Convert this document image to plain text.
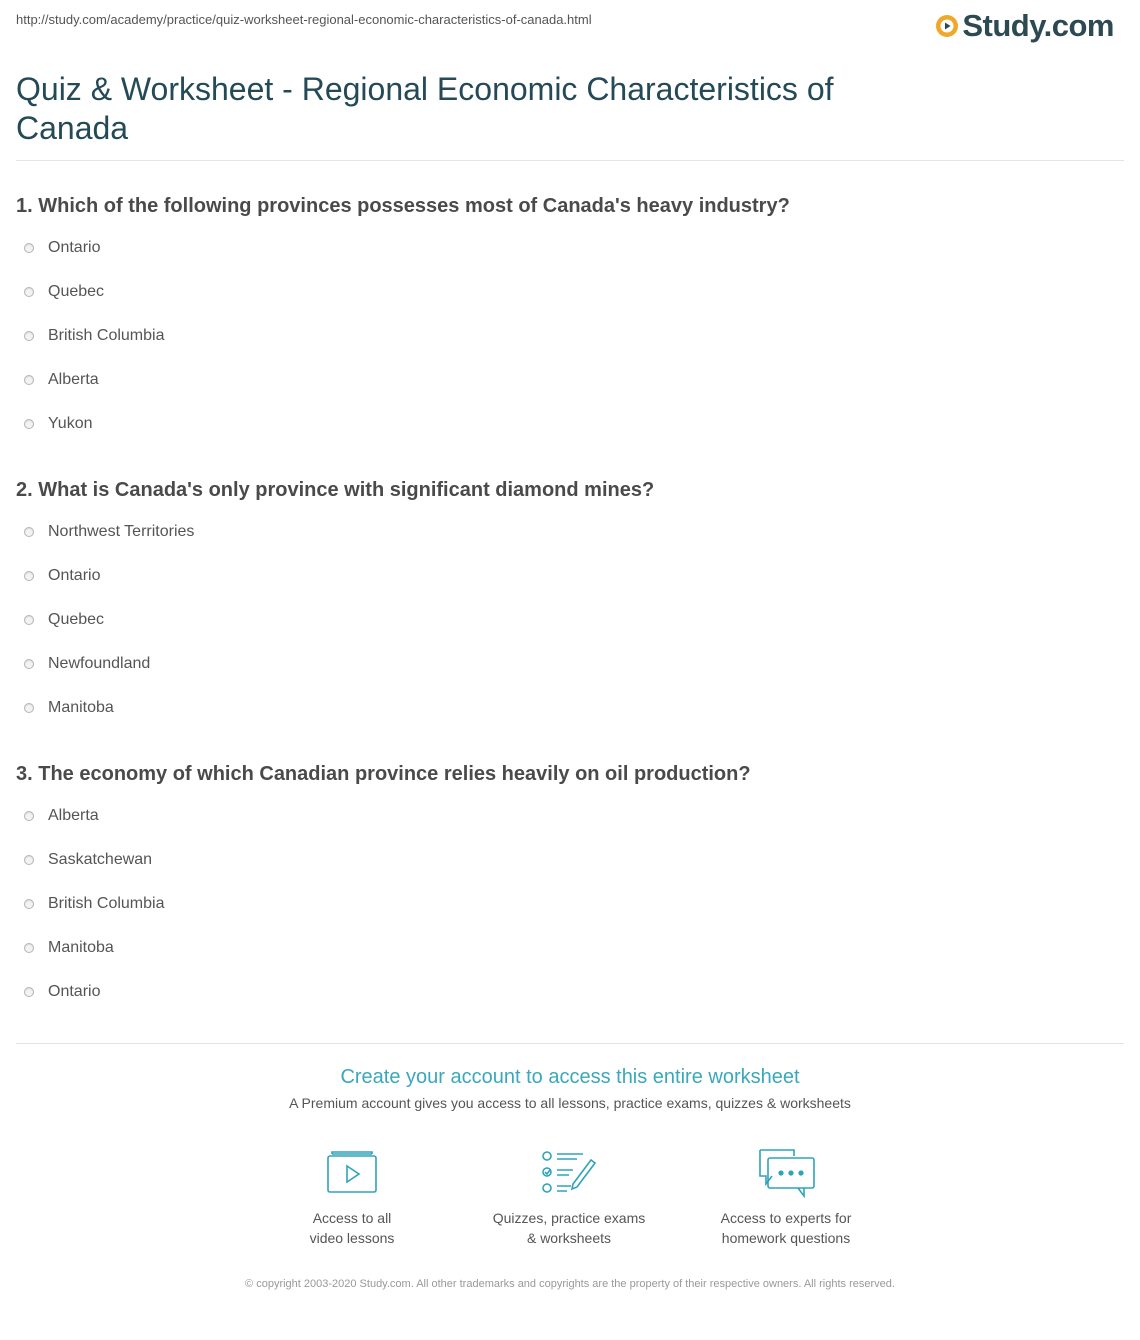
http://study.com/academy/practice/quiz-worksheet-regional-economic-characteristics-of-canada.html	Study.com
Quiz & Worksheet - Regional Economic Characteristics of Canada

1. Which of the following provinces possesses most of Canada's heavy industry?

Ontario
Quebec
British Columbia
Alberta
Yukon

2. What is Canada's only province with significant diamond mines?

Northwest Territories
Ontario
Quebec
Newfoundland
Manitoba

3. The economy of which Canadian province relies heavily on oil production?

Alberta
Saskatchewan
British Columbia
Manitoba
Ontario
Create your account to access this entire worksheet

A Premium account gives you access to all lessons, practice exams, quizzes & worksheets

Access to all
video lessons
Quizzes, practice exams
& worksheets
Access to experts for
homework questions

© copyright 2003-2020 Study.com. All other trademarks and copyrights are the property of their respective owners. All rights reserved.
